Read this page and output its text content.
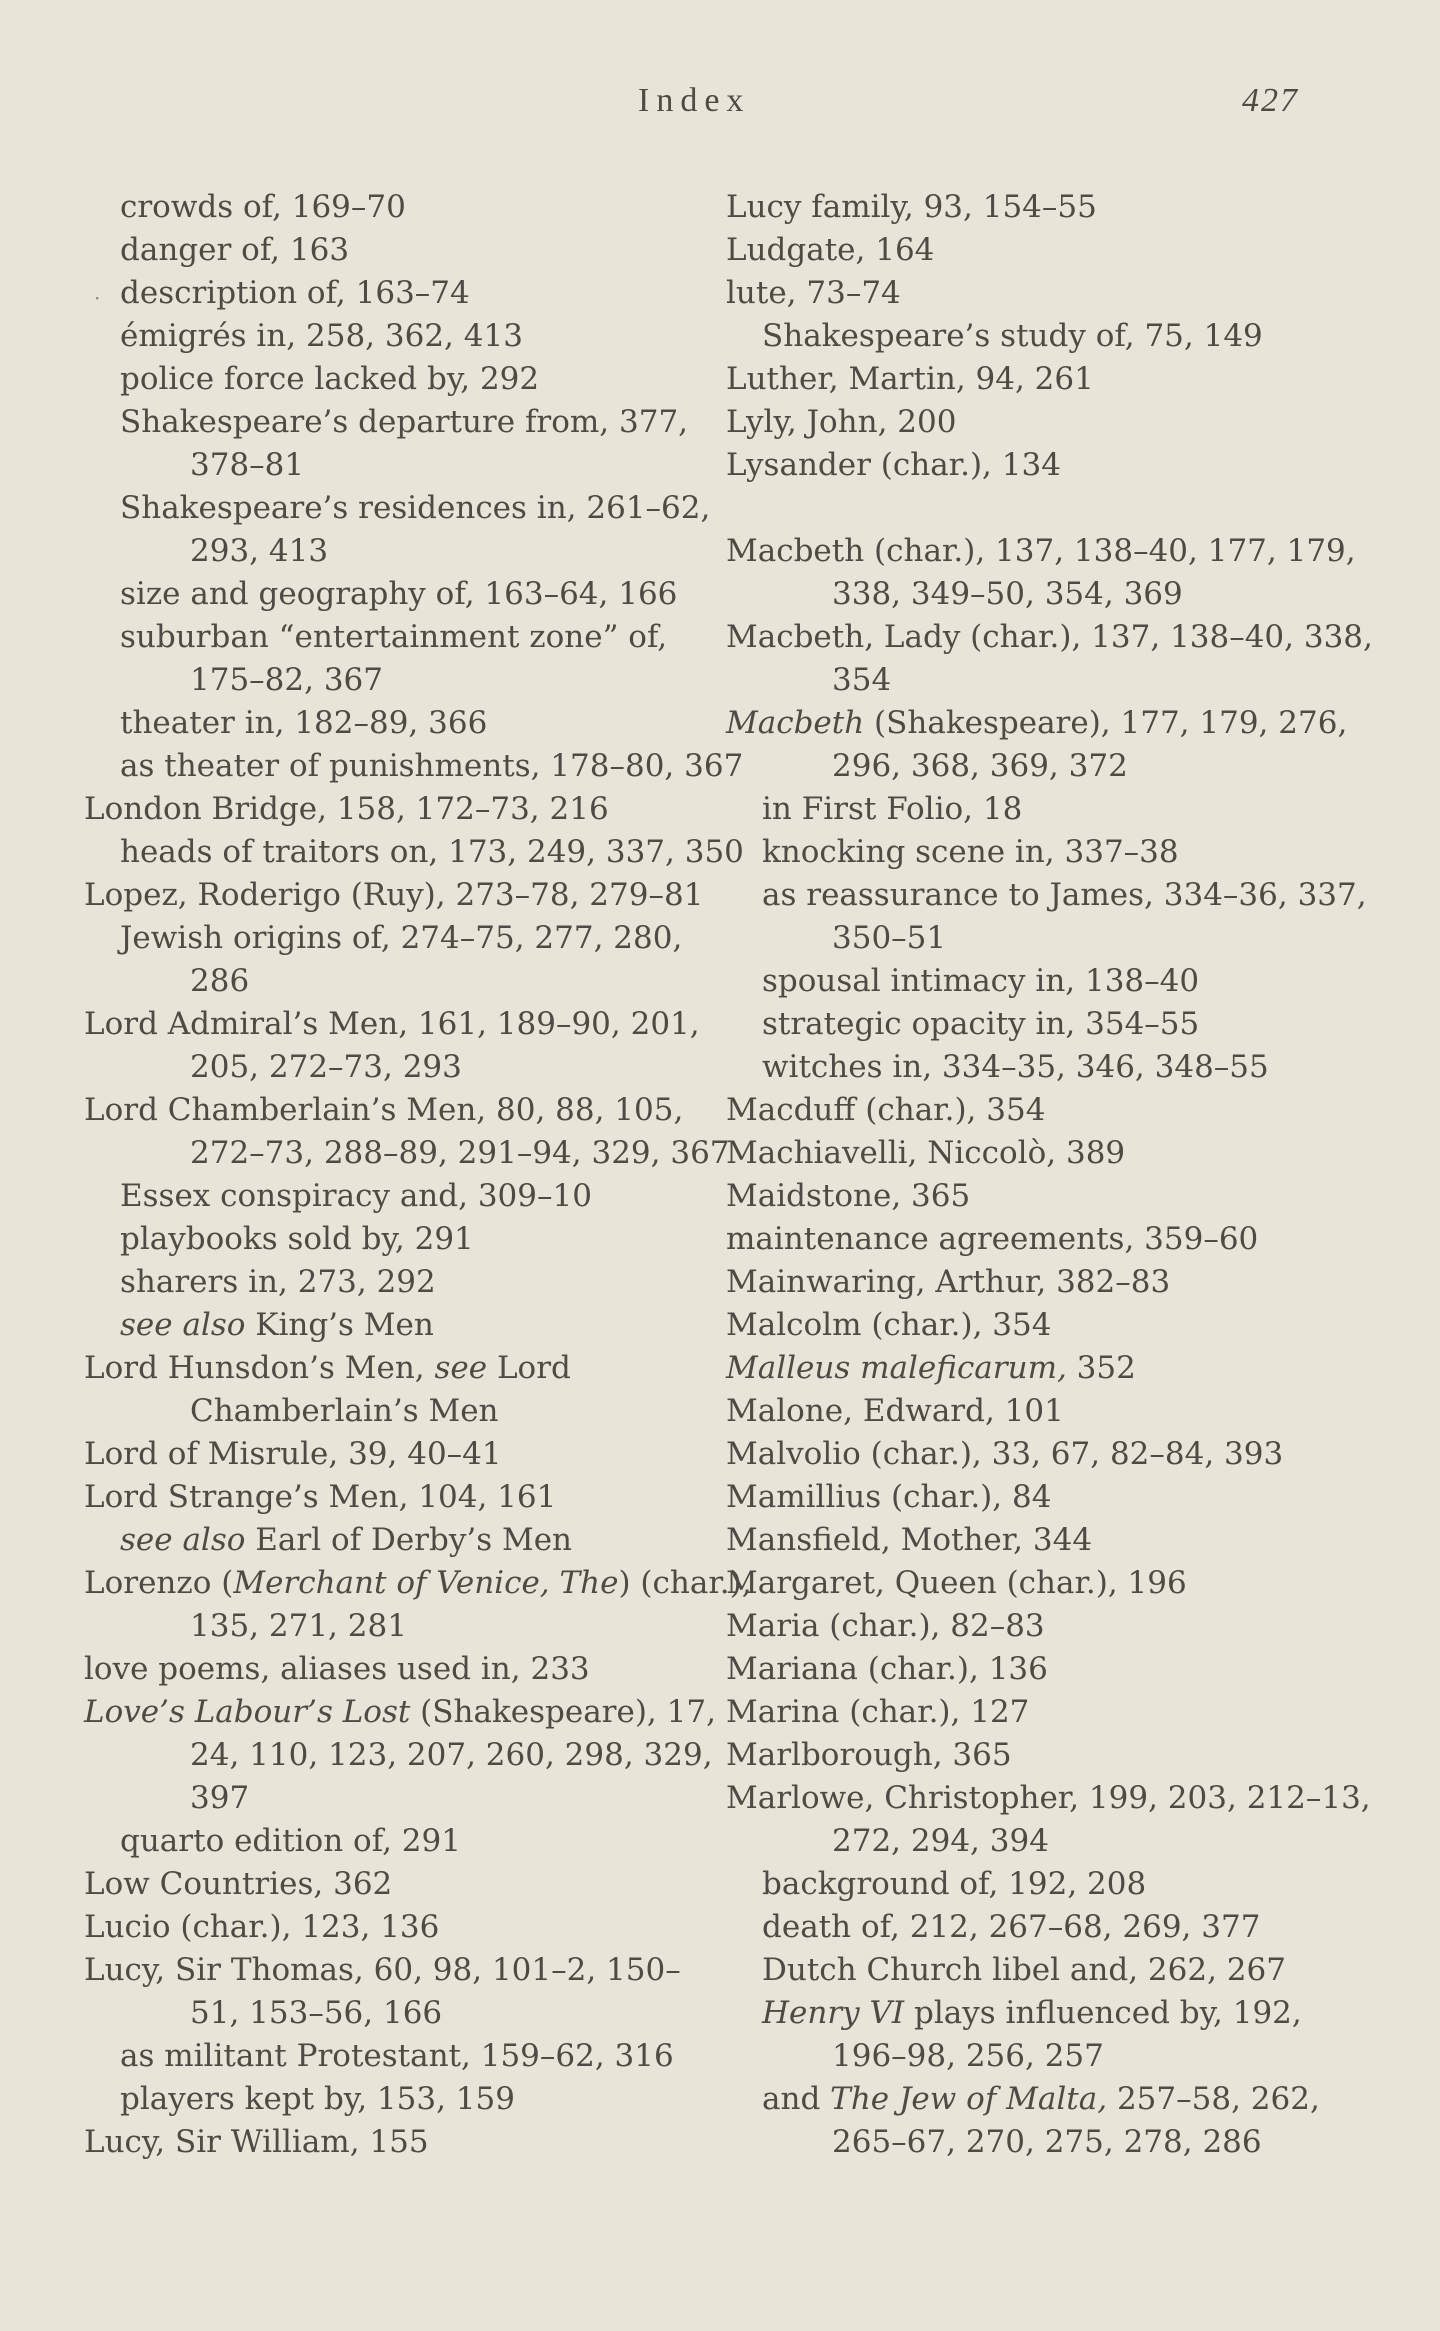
Index	427
·
crowds of, 169–70
danger of, 163
description of, 163–74
émigrés in, 258, 362, 413
police force lacked by, 292
Shakespeare’s departure from, 377,
378–81
Shakespeare’s residences in, 261–62,
293, 413
size and geography of, 163–64, 166
suburban “entertainment zone” of,
175–82, 367
theater in, 182–89, 366
as theater of punishments, 178–80, 367
London Bridge, 158, 172–73, 216
heads of traitors on, 173, 249, 337, 350
Lopez, Roderigo (Ruy), 273–78, 279–81
Jewish origins of, 274–75, 277, 280,
286
Lord Admiral’s Men, 161, 189–90, 201,
205, 272–73, 293
Lord Chamberlain’s Men, 80, 88, 105,
272–73, 288–89, 291–94, 329, 367
Essex conspiracy and, 309–10
playbooks sold by, 291
sharers in, 273, 292
see also King’s Men
Lord Hunsdon’s Men, see Lord
Chamberlain’s Men
Lord of Misrule, 39, 40–41
Lord Strange’s Men, 104, 161
see also Earl of Derby’s Men
Lorenzo (Merchant of Venice, The) (char.),
135, 271, 281
love poems, aliases used in, 233
Love’s Labour’s Lost (Shakespeare), 17,
24, 110, 123, 207, 260, 298, 329,
397
quarto edition of, 291
Low Countries, 362
Lucio (char.), 123, 136
Lucy, Sir Thomas, 60, 98, 101–2, 150–
51, 153–56, 166
as militant Protestant, 159–62, 316
players kept by, 153, 159
Lucy, Sir William, 155
Lucy family, 93, 154–55
Ludgate, 164
lute, 73–74
Shakespeare’s study of, 75, 149
Luther, Martin, 94, 261
Lyly, John, 200
Lysander (char.), 134
Macbeth (char.), 137, 138–40, 177, 179,
338, 349–50, 354, 369
Macbeth, Lady (char.), 137, 138–40, 338,
354
Macbeth (Shakespeare), 177, 179, 276,
296, 368, 369, 372
in First Folio, 18
knocking scene in, 337–38
as reassurance to James, 334–36, 337,
350–51
spousal intimacy in, 138–40
strategic opacity in, 354–55
witches in, 334–35, 346, 348–55
Macduff (char.), 354
Machiavelli, Niccolò, 389
Maidstone, 365
maintenance agreements, 359–60
Mainwaring, Arthur, 382–83
Malcolm (char.), 354
Malleus maleficarum, 352
Malone, Edward, 101
Malvolio (char.), 33, 67, 82–84, 393
Mamillius (char.), 84
Mansfield, Mother, 344
Margaret, Queen (char.), 196
Maria (char.), 82–83
Mariana (char.), 136
Marina (char.), 127
Marlborough, 365
Marlowe, Christopher, 199, 203, 212–13,
272, 294, 394
background of, 192, 208
death of, 212, 267–68, 269, 377
Dutch Church libel and, 262, 267
Henry VI plays influenced by, 192,
196–98, 256, 257
and The Jew of Malta, 257–58, 262,
265–67, 270, 275, 278, 286
